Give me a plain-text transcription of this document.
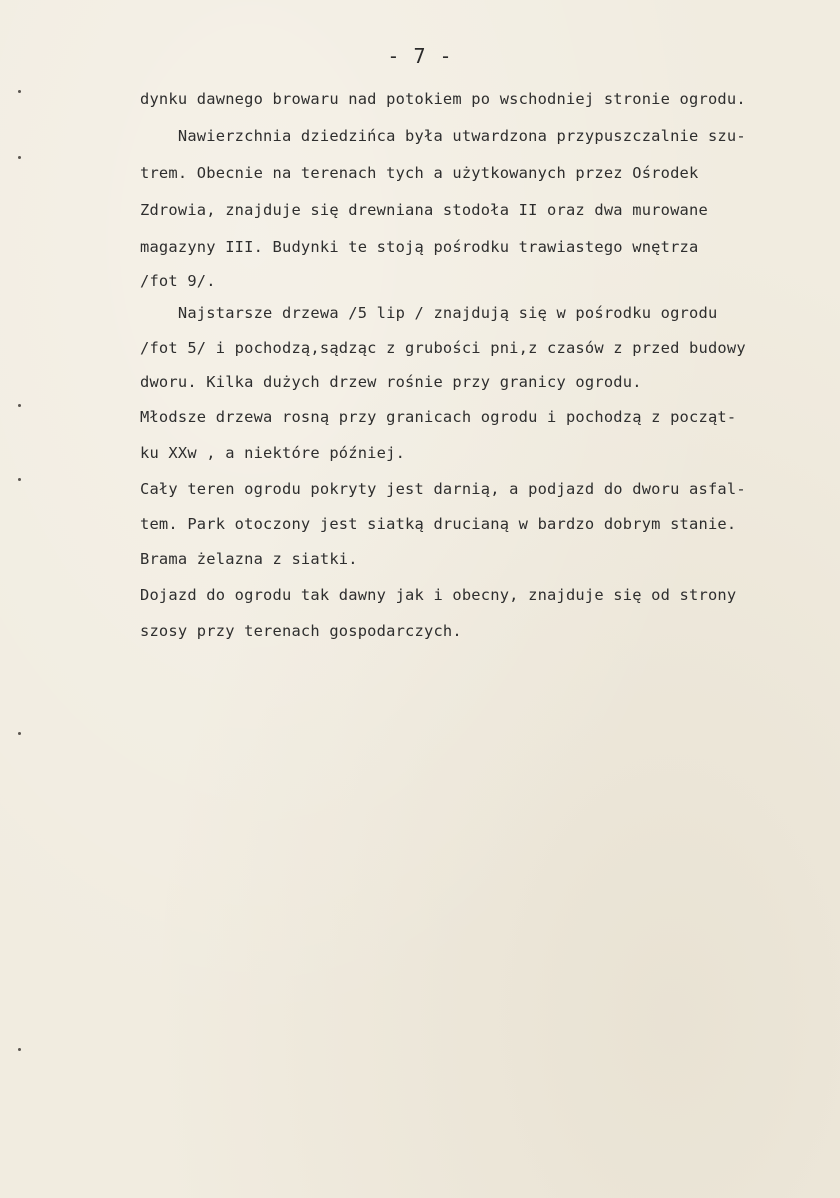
- 7 -
dynku dawnego browaru nad potokiem po wschodniej stronie ogrodu.
Nawierzchnia dziedzińca była utwardzona przypuszczalnie szu-
trem. Obecnie na terenach tych a użytkowanych przez Ośrodek
Zdrowia, znajduje się drewniana stodoła II oraz dwa murowane
magazyny III. Budynki te stoją pośrodku trawiastego wnętrza
/fot 9/.
Najstarsze drzewa /5 lip / znajdują się w pośrodku ogrodu
/fot 5/ i pochodzą,sądząc z grubości pni,z czasów z przed budowy
dworu. Kilka dużych drzew rośnie przy granicy ogrodu.
Młodsze drzewa rosną przy granicach ogrodu i pochodzą z począt-
ku XXw , a niektóre później.
Cały teren ogrodu pokryty jest darnią, a podjazd do dworu asfal-
tem. Park otoczony jest siatką drucianą w bardzo dobrym stanie.
Brama żelazna z siatki.
Dojazd do ogrodu tak dawny jak i obecny, znajduje się od strony
szosy przy terenach gospodarczych.
